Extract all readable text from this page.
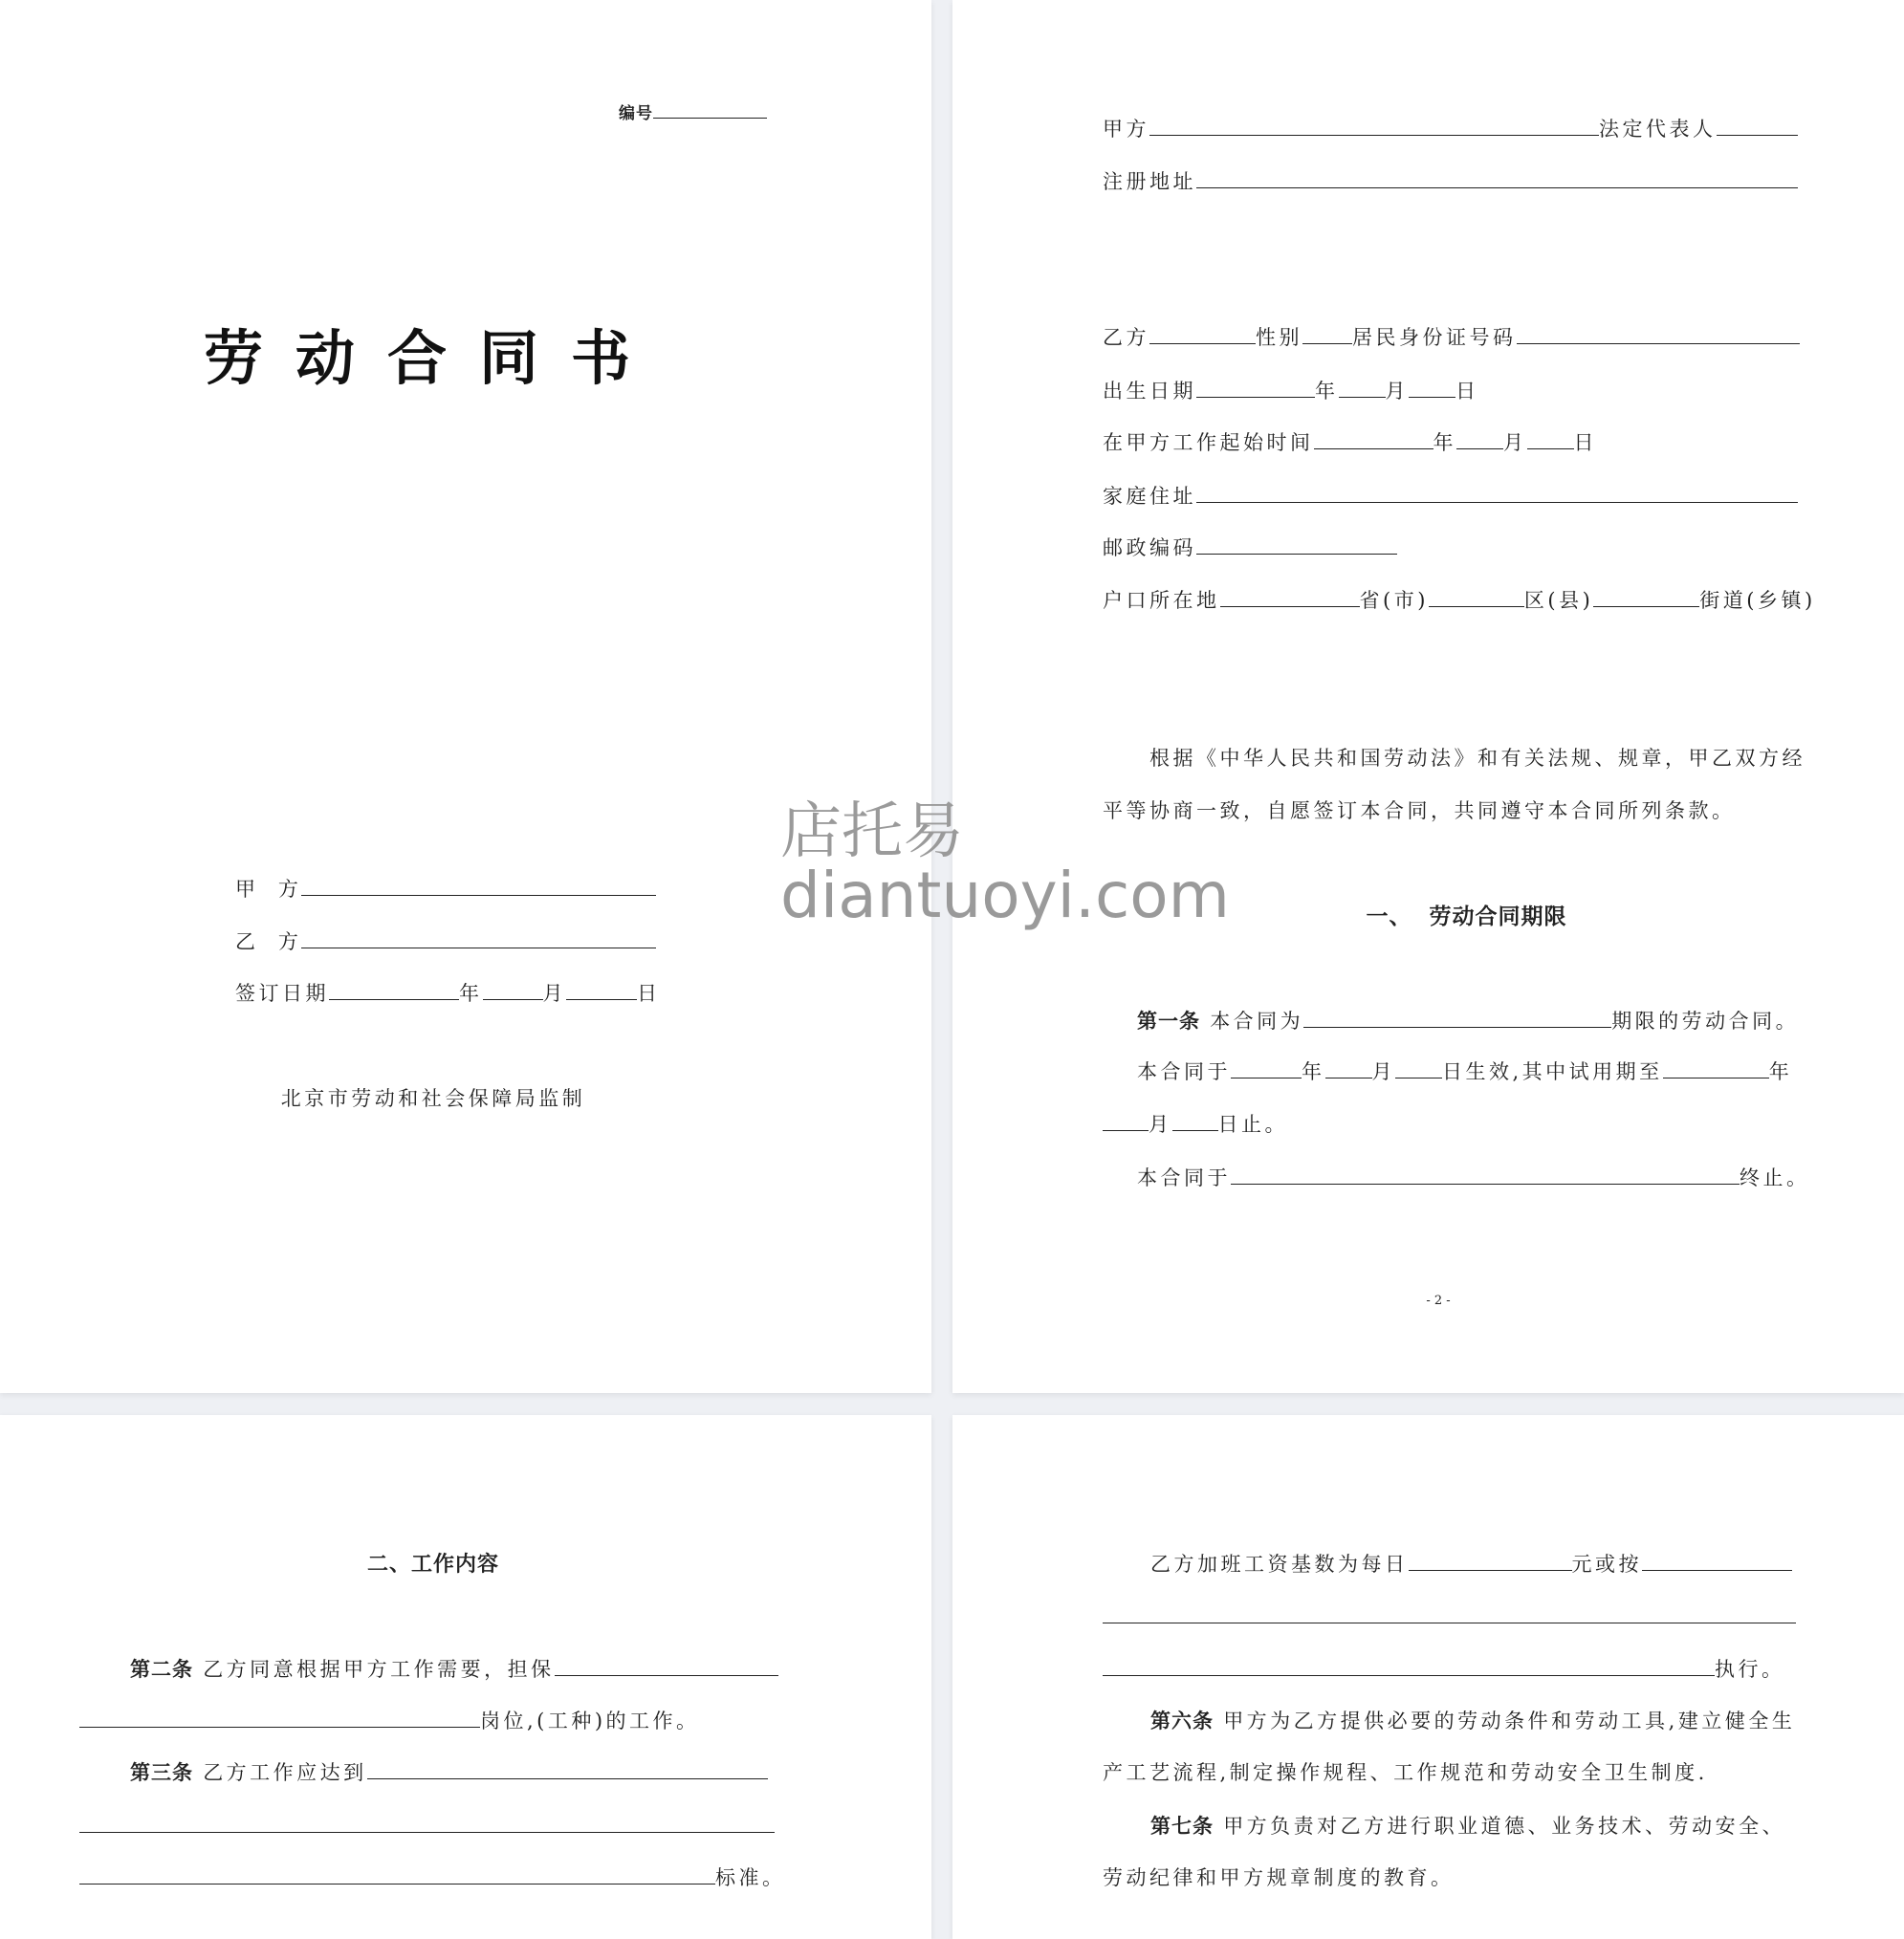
编号
劳动合同书
甲  方
乙  方
签订日期	年	月	日
北京市劳动和社会保障局监制
甲方	法定代表人
注册地址
乙方	性别 居民身份证号码
出生日期	年 月 日
在甲方工作起始时间	年 月 日
家庭住址
邮政编码
户口所在地	省(市)	区(县)	街道(乡镇)
根据《中华人民共和国劳动法》和有关法规、规章，甲乙双方经
平等协商一致，自愿签订本合同，共同遵守本合同所列条款。
一、  劳动合同期限
第一条 本合同为	期限的劳动合同。
本合同于	年 月 日生效,其中试用期至	年
月 日止。
本合同于	终止。
- 2 -
二、工作内容
第二条 乙方同意根据甲方工作需要，担保
岗位,(工种)的工作。
第三条 乙方工作应达到
标准。
乙方加班工资基数为每日	元或按
执行。
第六条 甲方为乙方提供必要的劳动条件和劳动工具,建立健全生
产工艺流程,制定操作规程、工作规范和劳动安全卫生制度.
第七条 甲方负责对乙方进行职业道德、业务技术、劳动安全、
劳动纪律和甲方规章制度的教育。
店托易
diantuoyi.com
